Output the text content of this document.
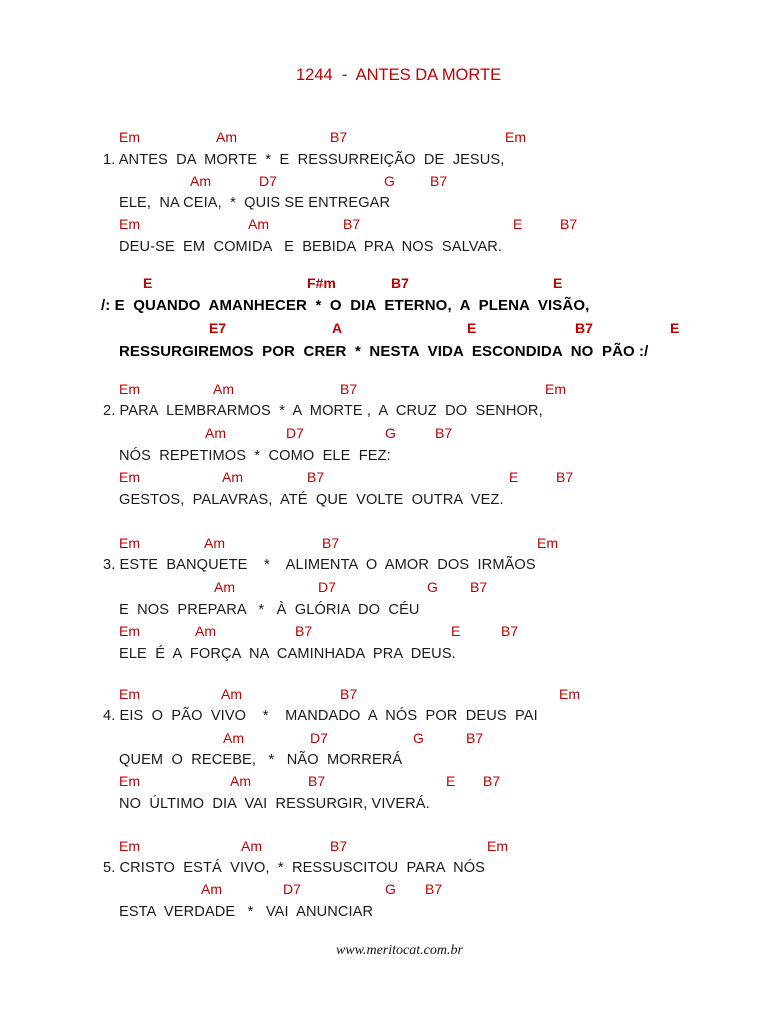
1244  -  ANTES DA MORTE
Em	Am	B7	Em
1. ANTES  DA  MORTE  *  E  RESSURREIÇÃO  DE  JESUS,
Am	D7	G	B7
ELE,  NA CEIA,  *  QUIS SE ENTREGAR
Em	Am	B7	E	B7
DEU-SE  EM  COMIDA   E  BEBIDA  PRA  NOS  SALVAR.
E	F#m	B7	E
/: E  QUANDO  AMANHECER  *  O  DIA  ETERNO,  A  PLENA  VISÃO,
E7	A	E	B7	E
RESSURGIREMOS  POR  CRER  *  NESTA  VIDA  ESCONDIDA  NO  PÃO :/
Em	Am	B7	Em
2. PARA  LEMBRARMOS  *  A  MORTE ,  A  CRUZ  DO  SENHOR,
Am	D7	G	B7
NÓS  REPETIMOS  *  COMO  ELE  FEZ:
Em	Am	B7	E	B7
GESTOS,  PALAVRAS,  ATÉ  QUE  VOLTE  OUTRA  VEZ.
Em	Am	B7	Em
3. ESTE  BANQUETE    *    ALIMENTA  O  AMOR  DOS  IRMÃOS
Am	D7	G B7
E  NOS  PREPARA   *   À  GLÓRIA  DO  CÉU
Em	Am	B7	E	B7
ELE  É  A  FORÇA  NA  CAMINHADA  PRA  DEUS.
Em	Am	B7	Em
4. EIS  O  PÃO  VIVO    *    MANDADO  A  NÓS  POR  DEUS  PAI
Am	D7	G	B7
QUEM  O  RECEBE,   *   NÃO  MORRERÁ
Em	Am	B7	E B7
NO  ÚLTIMO  DIA  VAI  RESSURGIR, VIVERÁ.
Em	Am	B7	Em
5. CRISTO  ESTÁ  VIVO,  *  RESSUSCITOU  PARA  NÓS
Am	D7	G B7
ESTA  VERDADE   *   VAI  ANUNCIAR
www.meritocat.com.br
